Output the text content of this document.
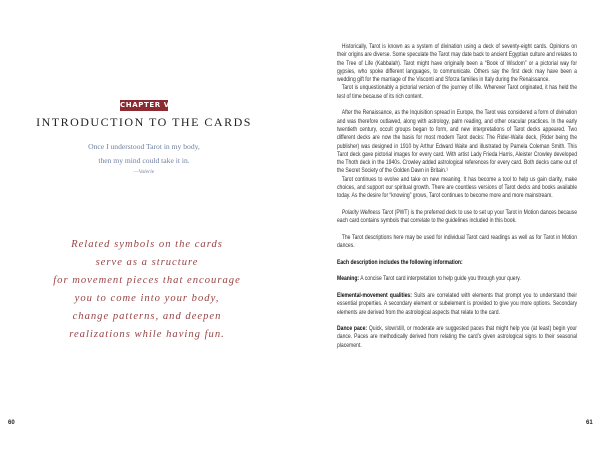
CHAPTER VI
INTRODUCTION TO THE CARDS
Once I understood Tarot in my body,
then my mind could take it in.
—Valerie
Related symbols on the cards
serve as a structure
for movement pieces that encourage
you to come into your body,
change patterns, and deepen
realizations while having fun.
60

Historically, Tarot is known as a system of divination using a deck of seventy-eight cards. Opinions on their origins are diverse. Some speculate the Tarot may date back to ancient Egyptian culture and relates to the Tree of Life (Kabbalah). Tarot might have originally been a “Book of Wisdom” or a pictorial way for gypsies, who spoke different languages, to communicate. Others say the first deck may have been a wedding gift for the marriage of the Visconti and Sforza families in Italy during the Renaissance.

Tarot is unquestionably a pictorial version of the journey of life. Wherever Tarot originated, it has held the test of time because of its rich content.

After the Renaissance, as the Inquisition spread in Europe, the Tarot was considered a form of divination and was therefore outlawed, along with astrology, palm reading, and other oracular practices. In the early twentieth century, occult groups began to form, and new interpretations of Tarot decks appeared. Two different decks are now the basis for most modern Tarot decks: The Rider-Waite deck, (Rider being the publisher) was designed in 1910 by Arthur Edward Waite and illustrated by Pamela Coleman Smith. This Tarot deck gave pictorial images for every card. With artist Lady Frieda Harris, Aleister Crowley developed the Thoth deck in the 1940s. Crowley added astrological references for every card. Both decks came out of the Secret Society of the Golden Dawn in Britain.¹

Tarot continues to evolve and take on new meaning. It has become a tool to help us gain clarity, make choices, and support our spiritual growth. There are countless versions of Tarot decks and books available today. As the desire for “knowing” grows, Tarot continues to become more and more mainstream.

Polarity Wellness Tarot (PWT) is the preferred deck to use to set up your Tarot in Motion dances because each card contains symbols that correlate to the guidelines included in this book.

The Tarot descriptions here may be used for individual Tarot card readings as well as for Tarot in Motion dances.

Each description includes the following information:

Meaning: A concise Tarot card interpretation to help guide you through your query.

Elemental-movement qualities: Suits are correlated with elements that prompt you to understand their essential properties. A secondary element or subelement is provided to give you more options. Secondary elements are derived from the astrological aspects that relate to the card.

Dance pace: Quick, slow/still, or moderate are suggested paces that might help you (at least) begin your dance. Paces are methodically derived from relating the card’s given astrological signs to their seasonal placement.

61
